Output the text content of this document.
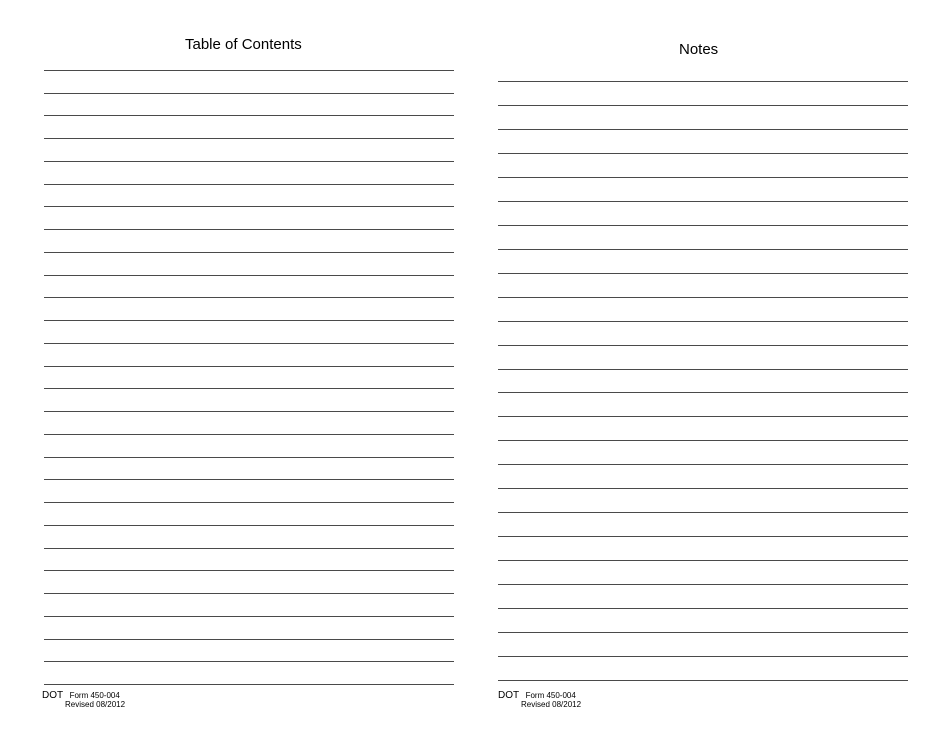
Table of Contents
DOT Form 450-004
Revised 08/2012
Notes
DOT Form 450-004
Revised 08/2012
